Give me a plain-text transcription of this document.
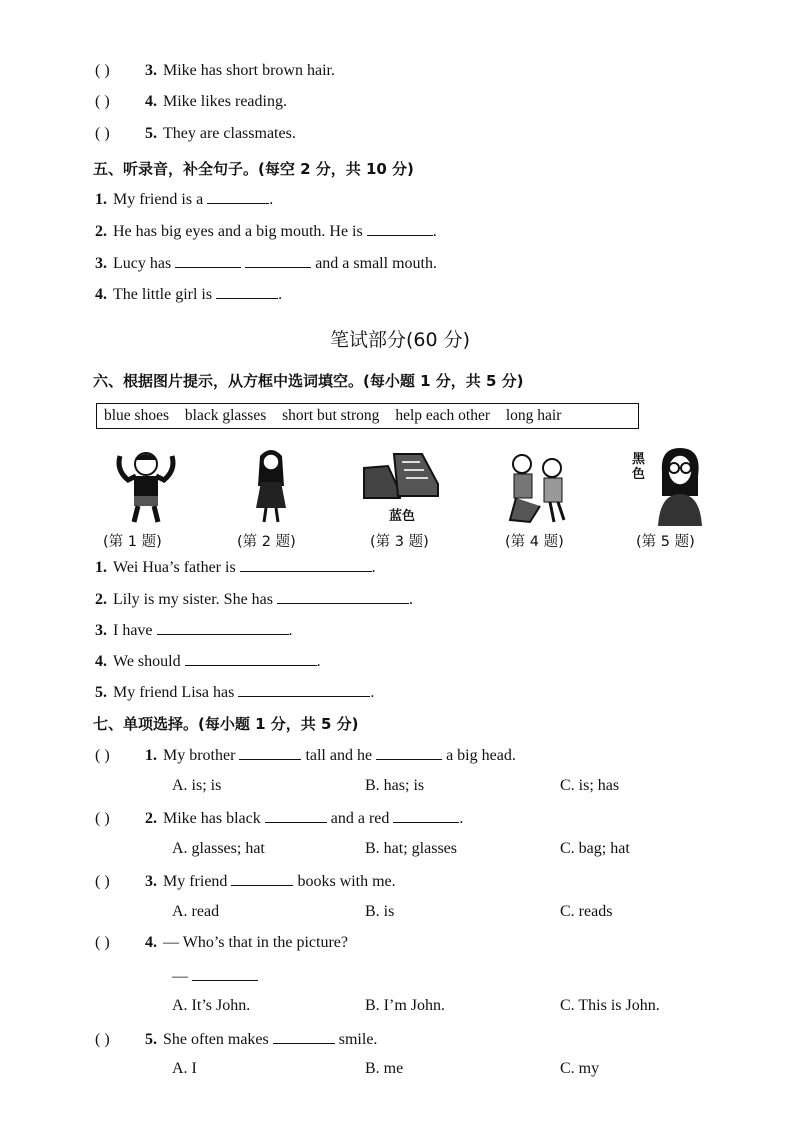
( ) 3. Mike has short brown hair.
( ) 4. Mike likes reading.
( ) 5. They are classmates.
五、听录音，补全句子。(每空 2 分，共 10 分)
1. My friend is a	.
2. He has big eyes and a big mouth. He is	.
3. Lucy has	and a small mouth.
4. The little girl is	.
笔试部分(60 分)
六、根据图片提示，从方框中选词填空。(每小题 1 分，共 5 分)
blue shoes black glasses short but strong help each other long hair
蓝色
黑色
(第 1 题)	(第 2 题)	(第 3 题)	(第 4 题)	(第 5 题)
1. Wei Hua’s father is	.
2. Lily is my sister. She has	.
3. I have	.
4. We should	.
5. My friend Lisa has	.
七、单项选择。(每小题 1 分，共 5 分)
( ) 1. My brother	tall and he	a big head.
A. is; is	B. has; is	C. is; has
( ) 2. Mike has black	and a red	.
A. glasses; hat	B. hat; glasses	C. bag; hat
( ) 3. My friend	books with me.
A. read	B. is	C. reads
( ) 4. — Who’s that in the picture?
—
A. It’s John.	B. I’m John.	C. This is John.
( ) 5. She often makes	smile.
A. I	B. me	C. my
